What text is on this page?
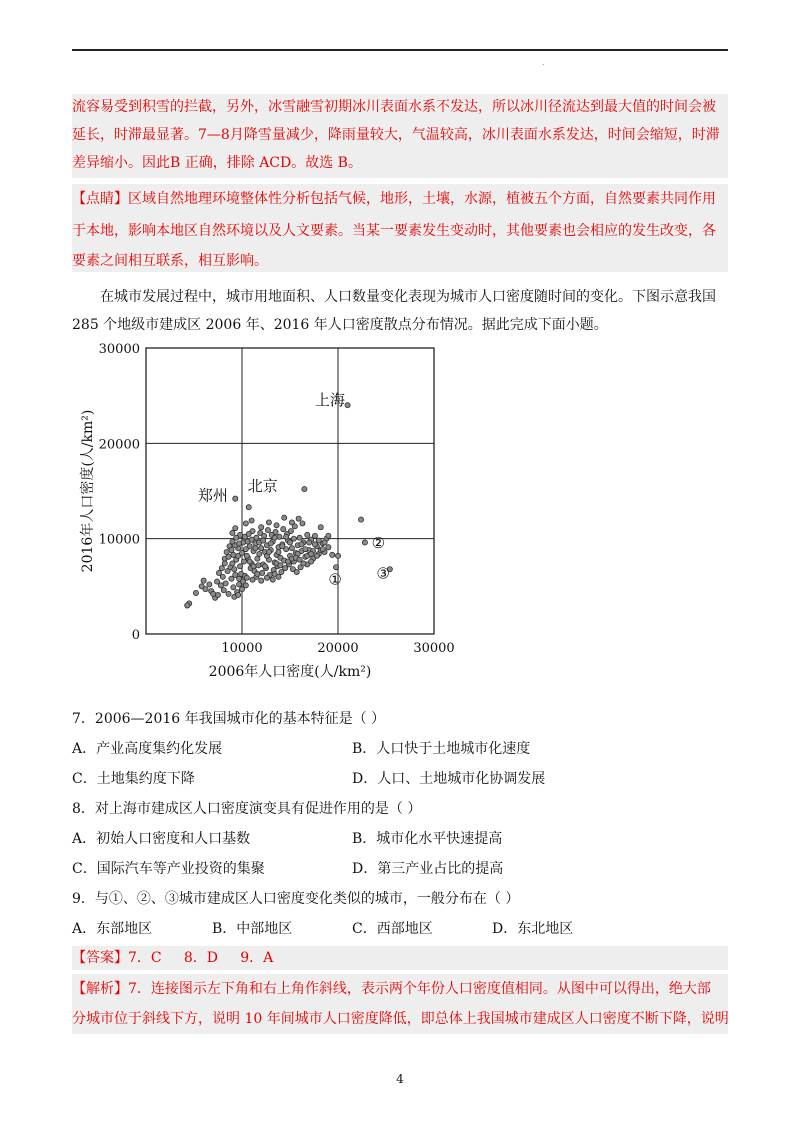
.
流容易受到积雪的拦截，另外，冰雪融雪初期冰川表面水系不发达，所以冰川径流达到最大值的时间会被
延长，时滞最显著。7—8月降雪量减少，降雨量较大，气温较高，冰川表面水系发达，时间会缩短，时滞
差异缩小。因此B 正确，排除 ACD。故选 B。
【点睛】区域自然地理环境整体性分析包括气候，地形，土壤，水源，植被五个方面，自然要素共同作用
于本地，影响本地区自然环境以及人文要素。当某一要素发生变动时，其他要素也会相应的发生改变，各
要素之间相互联系，相互影响。
在城市发展过程中，城市用地面积、人口数量变化表现为城市人口密度随时间的变化。下图示意我国
285 个地级市建成区 2006 年、2016 年人口密度散点分布情况。据此完成下面小题。
上海
北京
郑州
①
②
③
0
10000
20000
30000
10000	20000	30000
2006年人口密度(人/km²)
2016年人口密度(人/km²)
7．2006—2016 年我国城市化的基本特征是（ ）
A．产业高度集约化发展	B．人口快于土地城市化速度
C．土地集约度下降	D．人口、土地城市化协调发展
8．对上海市建成区人口密度演变具有促进作用的是（ ）
A．初始人口密度和人口基数	B．城市化水平快速提高
C．国际汽车等产业投资的集聚	D．第三产业占比的提高
9．与①、②、③城市建成区人口密度变化类似的城市，一般分布在（ ）
A．东部地区	B．中部地区	C．西部地区	D．东北地区
【答案】7．C     8．D     9．A
【解析】7．连接图示左下角和右上角作斜线，表示两个年份人口密度值相同。从图中可以得出，绝大部
分城市位于斜线下方，说明 10 年间城市人口密度降低，即总体上我国城市建成区人口密度不断下降，说明
4
